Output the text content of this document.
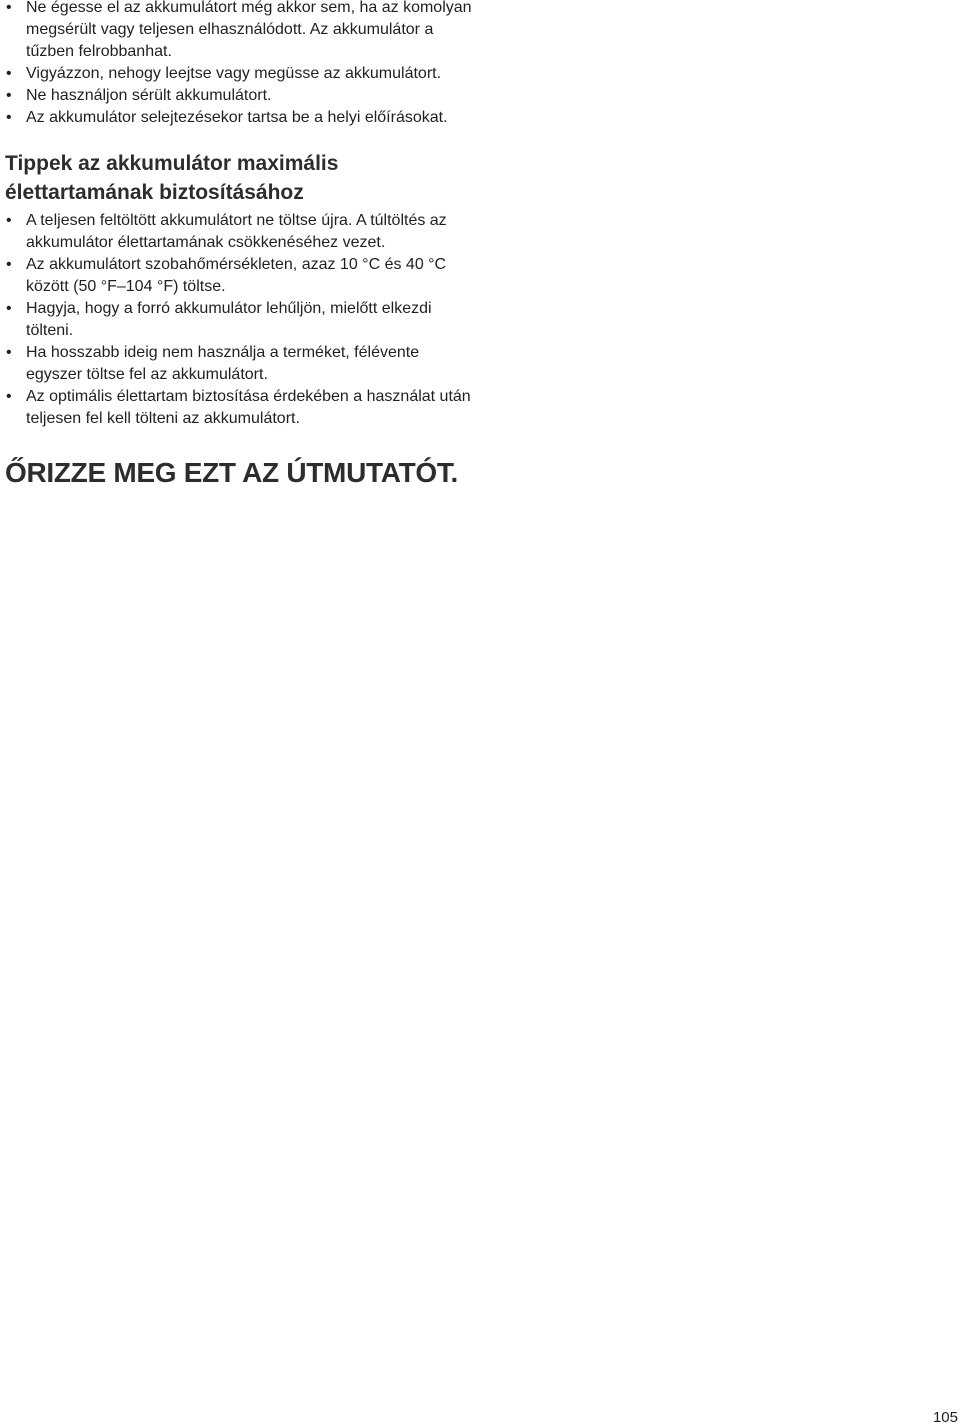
• Ne égesse el az akkumulátort még akkor sem, ha az komolyan megsérült vagy teljesen elhasználódott. Az akkumulátor a tűzben felrobbanhat.
• Vigyázzon, nehogy leejtse vagy megüsse az akkumulátort.
• Ne használjon sérült akkumulátort.
• Az akkumulátor selejtezésekor tartsa be a helyi előírásokat.
Tippek az akkumulátor maximális élettartamának biztosításához
• A teljesen feltöltött akkumulátort ne töltse újra. A túltöltés az akkumulátor élettartamának csökkenéséhez vezet.
• Az akkumulátort szobahőmérsékleten, azaz 10 °C és 40 °C között (50 °F–104 °F) töltse.
• Hagyja, hogy a forró akkumulátor lehűljön, mielőtt elkezdi tölteni.
• Ha hosszabb ideig nem használja a terméket, félévente egyszer töltse fel az akkumulátort.
• Az optimális élettartam biztosítása érdekében a használat után teljesen fel kell tölteni az akkumulátort.
ŐRIZZE MEG EZT AZ ÚTMUTATÓT.
105
